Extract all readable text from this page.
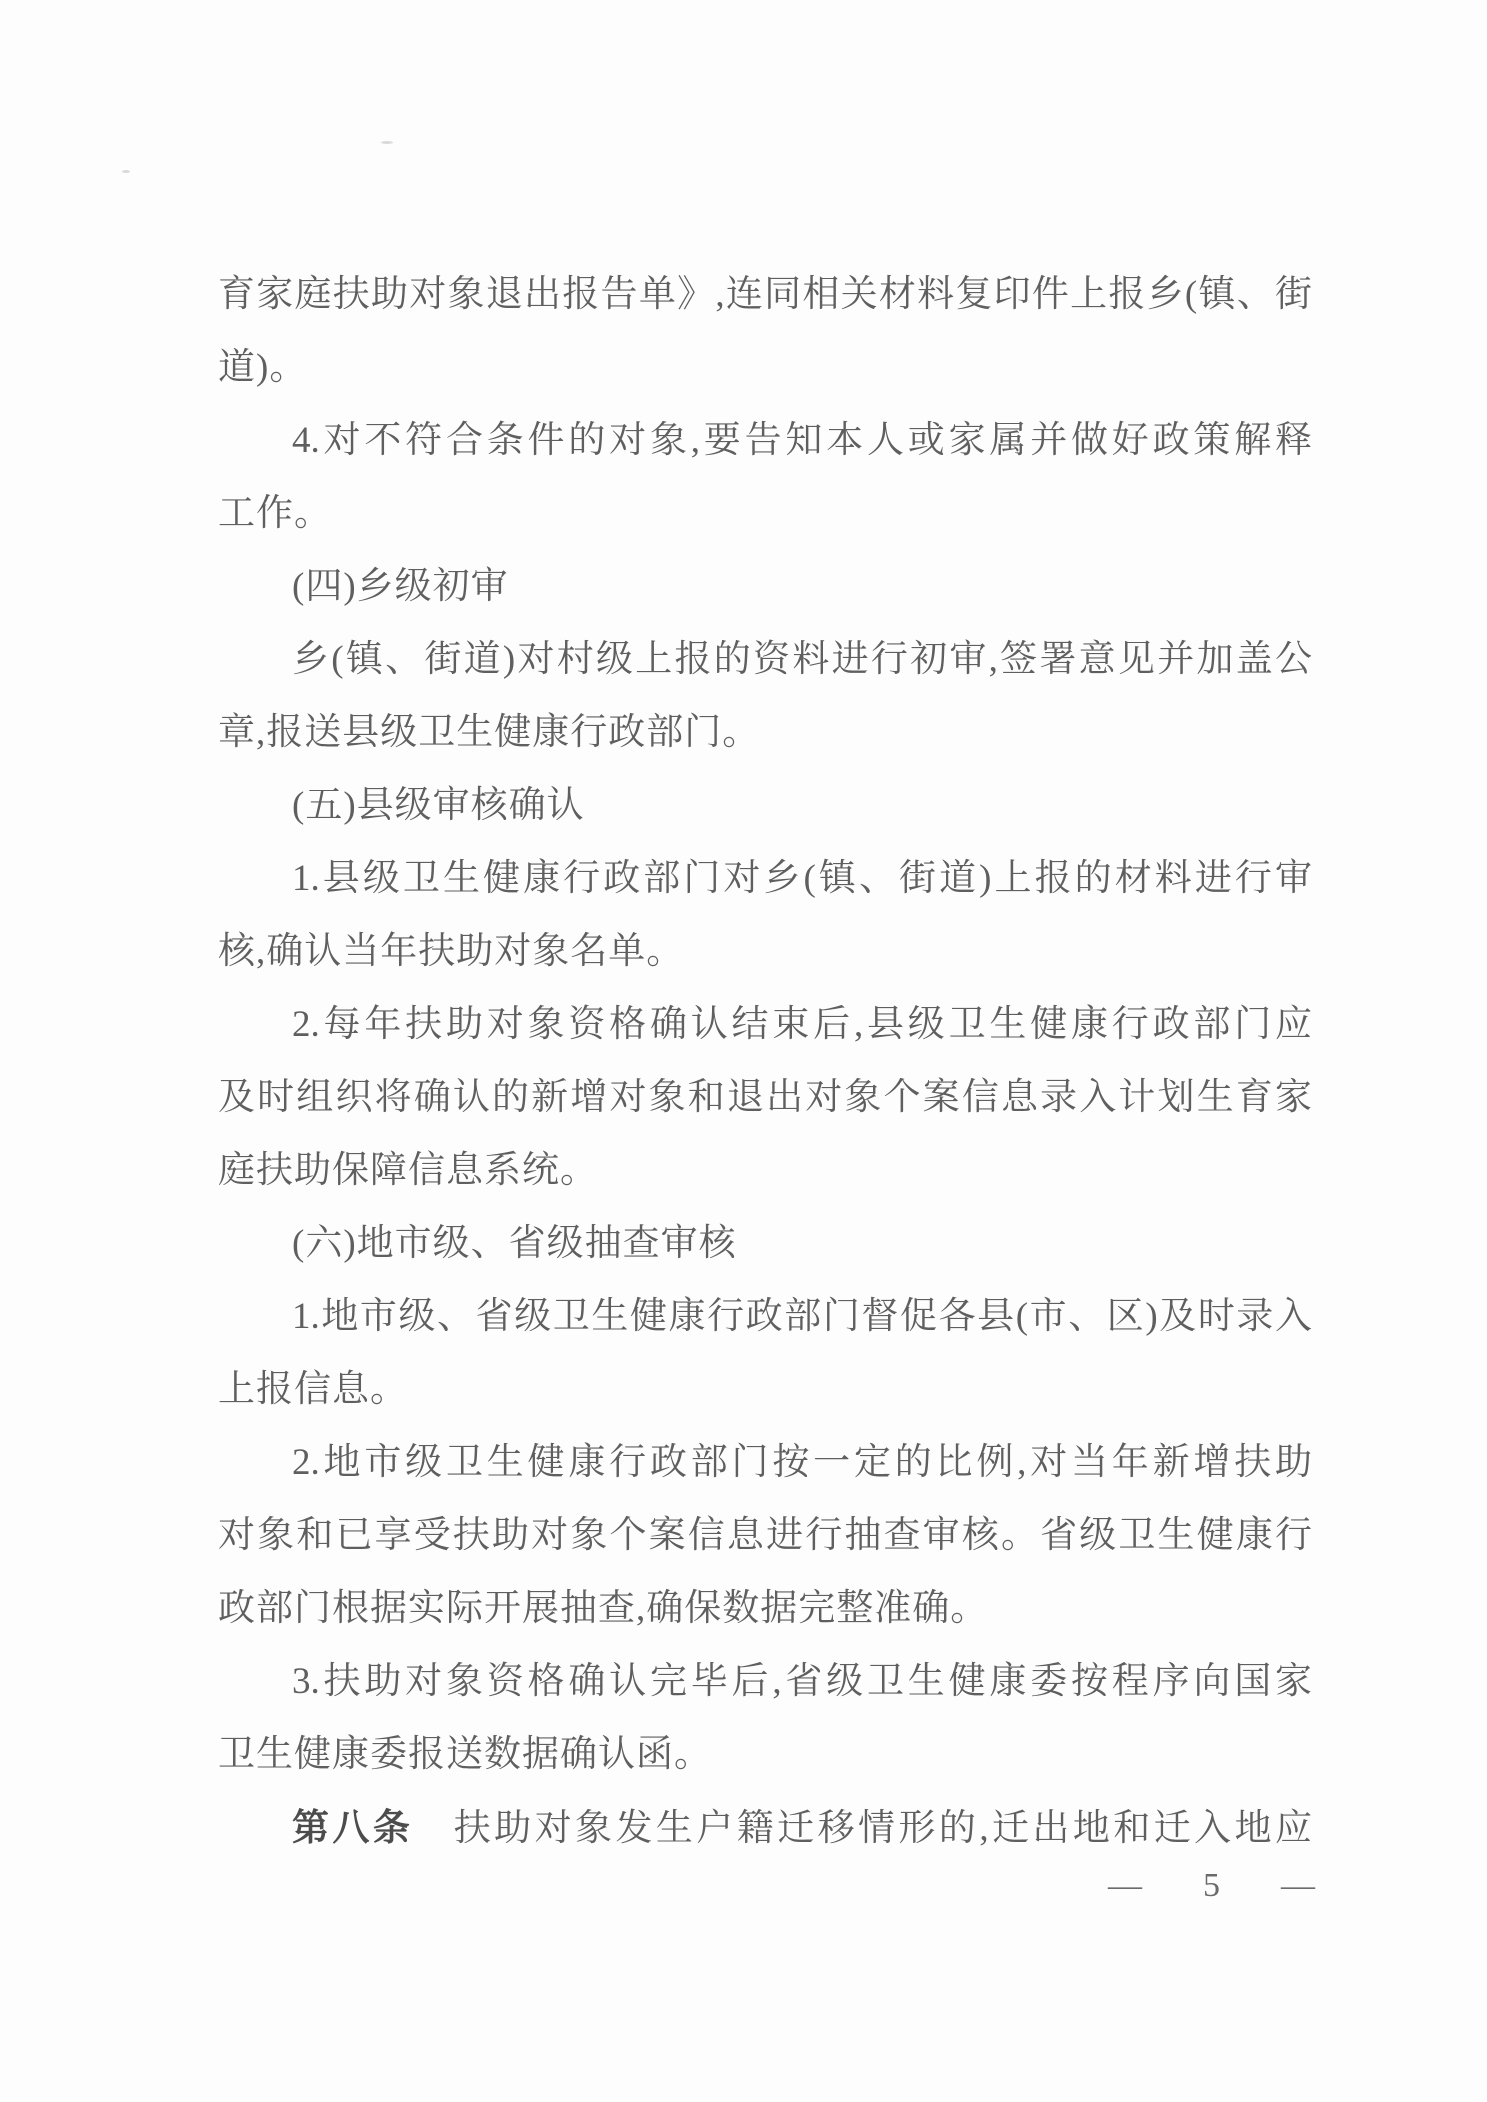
育家庭扶助对象退出报告单》,连同相关材料复印件上报乡(镇、街
道)。
4.对不符合条件的对象,要告知本人或家属并做好政策解释
工作。
(四)乡级初审
乡(镇、街道)对村级上报的资料进行初审,签署意见并加盖公
章,报送县级卫生健康行政部门。
(五)县级审核确认
1.县级卫生健康行政部门对乡(镇、街道)上报的材料进行审
核,确认当年扶助对象名单。
2.每年扶助对象资格确认结束后,县级卫生健康行政部门应
及时组织将确认的新增对象和退出对象个案信息录入计划生育家
庭扶助保障信息系统。
(六)地市级、省级抽查审核
1.地市级、省级卫生健康行政部门督促各县(市、区)及时录入
上报信息。
2.地市级卫生健康行政部门按一定的比例,对当年新增扶助
对象和已享受扶助对象个案信息进行抽查审核。省级卫生健康行
政部门根据实际开展抽查,确保数据完整准确。
3.扶助对象资格确认完毕后,省级卫生健康委按程序向国家
卫生健康委报送数据确认函。
第八条　扶助对象发生户籍迁移情形的,迁出地和迁入地应
—  5  —
